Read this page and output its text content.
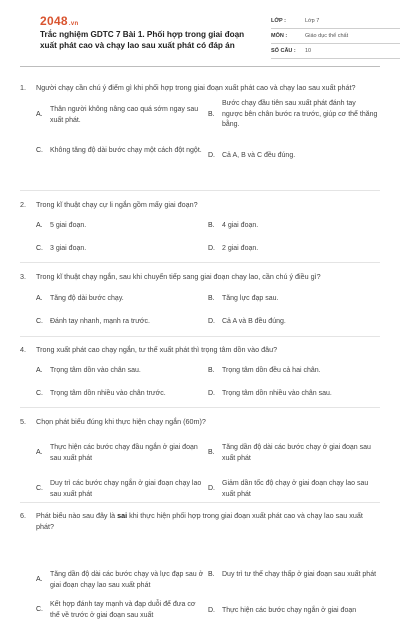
2048.vn
Trắc nghiệm GDTC 7 Bài 1. Phối hợp trong giai đoạn xuất phát cao và chạy lao sau xuất phát có đáp án
LỚP :	Lớp 7
MÔN :	Giáo dục thể chất
SỐ CÂU :	10
1.	Người chạy cần chú ý điểm gì khi phối hợp trong giai đoạn xuất phát cao và chạy lao sau xuất phát?
A.
Thân người không nâng cao quá sớm ngay sau xuất phát.
B.
Bước chạy đầu tiên sau xuất phát đánh tay ngược bên chân bước ra trước, giúp cơ thể thăng bằng.
C.	Không tăng độ dài bước chạy một cách đột ngột.
D.	Cả A, B và C đều đúng.
2.	Trong kĩ thuật chạy cự li ngắn gồm mấy giai đoạn?
A.	5 giai đoạn.	B.	4 giai đoạn.
C.	3 giai đoạn.	D.	2 giai đoạn.
3.	Trong kĩ thuật chạy ngắn, sau khi chuyển tiếp sang giai đoạn chạy lao, cần chú ý điều gì?
A.	Tăng độ dài bước chạy.	B.	Tăng lực đạp sau.
C.	Đánh tay nhanh, mạnh ra trước.	D.	Cả A và B đều đúng.
4.	Trong xuất phát cao chạy ngắn, tư thế xuất phát thì trọng tâm dồn vào đâu?
A.	Trọng tâm dồn vào chân sau.	B.	Trọng tâm dồn đều cả hai chân.
C.	Trọng tâm dồn nhiều vào chân trước.	D.	Trọng tâm dồn nhiều vào chân sau.
5.	Chọn phát biểu đúng khi thực hiện chạy ngắn (60m)?
A.
Thực hiện các bước chạy đầu ngắn ở giai đoạn sau xuất phát
B.
Tăng dần độ dài các bước chạy ở giai đoạn sau xuất phát
C.
Duy trì các bước chạy ngắn ở giai đoạn chạy lao sau xuất phát
D.
Giảm dần tốc độ chạy ở giai đoạn chạy lao sau xuất phát
6.	Phát biểu nào sau đây là sai khi thực hiện phối hợp trong giai đoạn xuất phát cao và chạy lao sau xuất phát?
A.
Tăng dần độ dài các bước chạy và lực đạp sau ở giai đoạn chạy lao sau xuất phát
B.	Duy trì tư thế chạy thấp ở giai đoạn sau xuất phát
C.
Kết hợp đánh tay mạnh và đạp duỗi để đưa cơ thể về trước ở giai đoạn sau xuất
D.	Thực hiện các bước chạy ngắn ở giai đoạn
